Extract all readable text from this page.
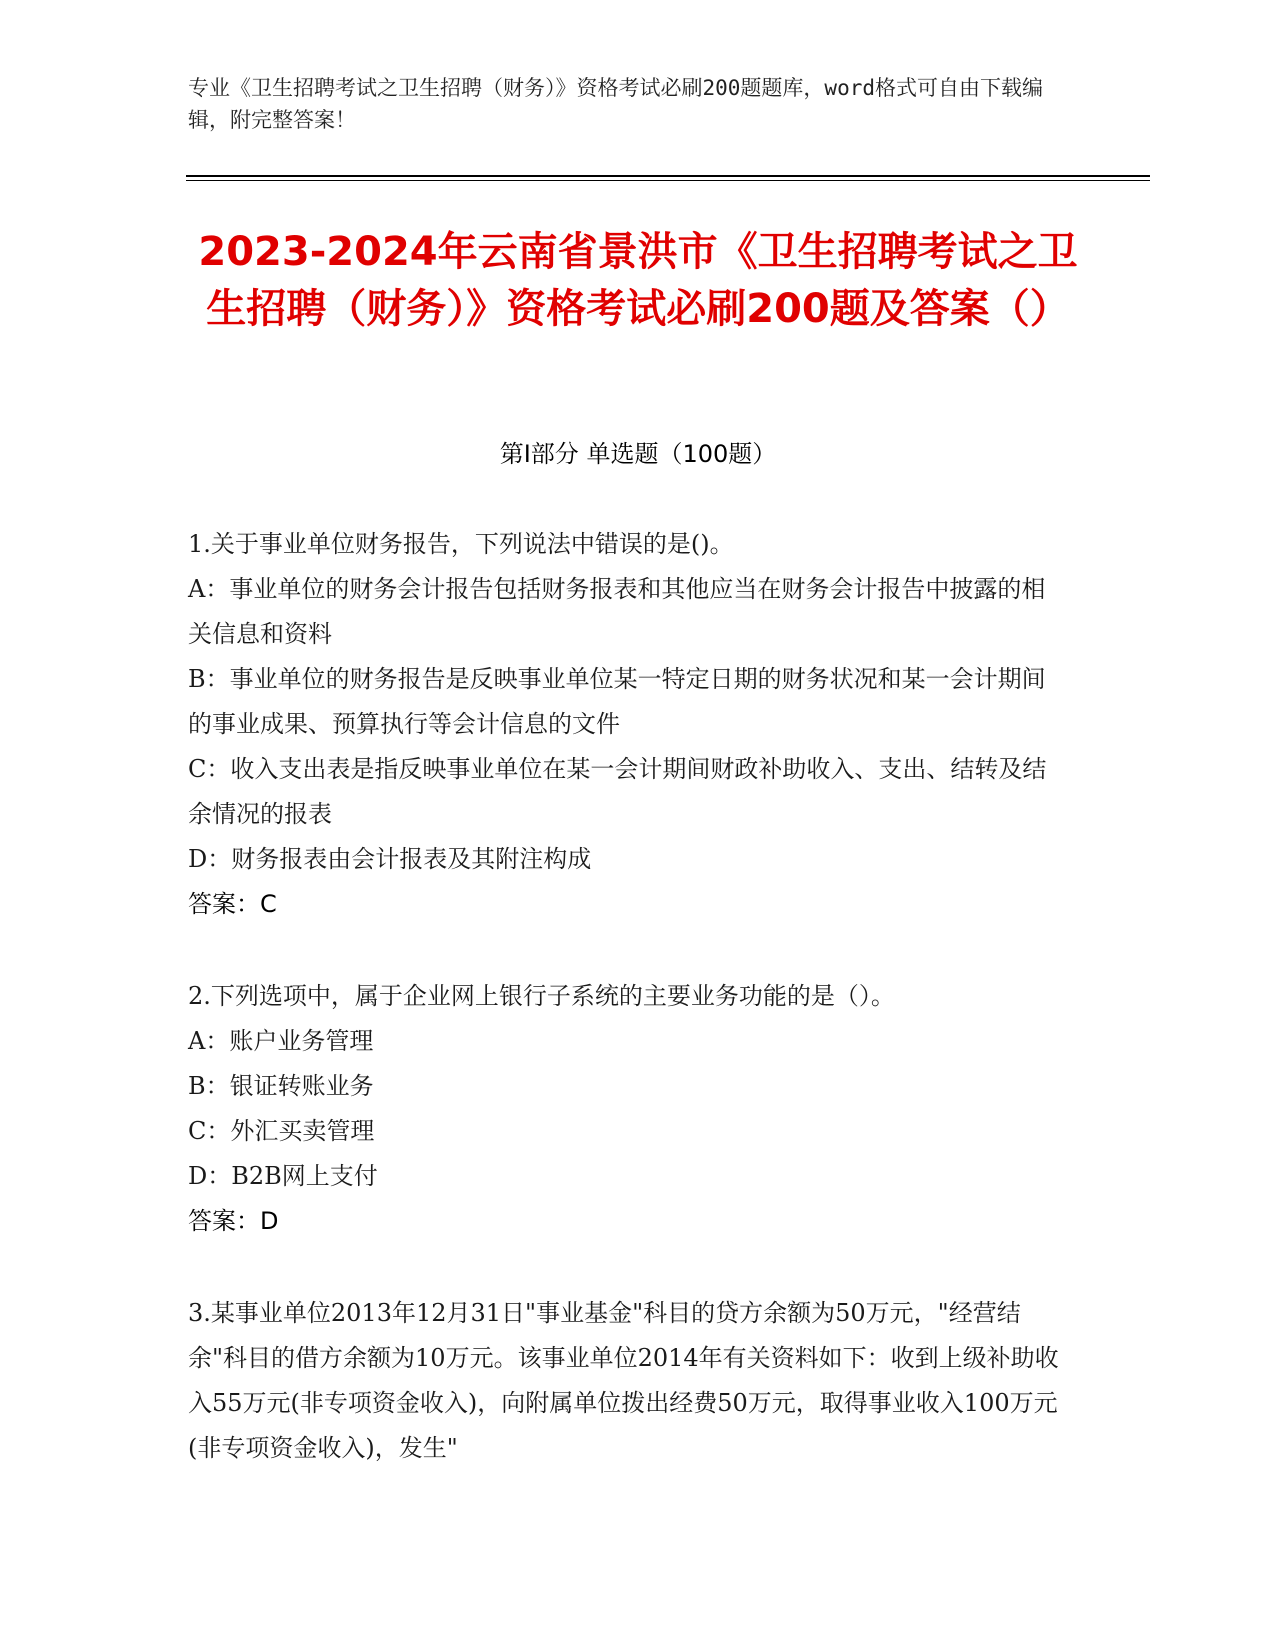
专业《卫生招聘考试之卫生招聘（财务）》资格考试必刷200题题库，word格式可自由下载编辑，附完整答案！
2023-2024年云南省景洪市《卫生招聘考试之卫生招聘（财务）》资格考试必刷200题及答案（）
第Ⅰ部分 单选题（100题）

1.关于事业单位财务报告，下列说法中错误的是()。

A：事业单位的财务会计报告包括财务报表和其他应当在财务会计报告中披露的相关信息和资料

B：事业单位的财务报告是反映事业单位某一特定日期的财务状况和某一会计期间的事业成果、预算执行等会计信息的文件

C：收入支出表是指反映事业单位在某一会计期间财政补助收入、支出、结转及结余情况的报表

D：财务报表由会计报表及其附注构成

答案：C

2.下列选项中，属于企业网上银行子系统的主要业务功能的是（）。

A：账户业务管理

B：银证转账业务

C：外汇买卖管理

D：B2B网上支付

答案：D

3.某事业单位2013年12月31日"事业基金"科目的贷方余额为50万元，"经营结余"科目的借方余额为10万元。该事业单位2014年有关资料如下：收到上级补助收入55万元(非专项资金收入)，向附属单位拨出经费50万元，取得事业收入100万元(非专项资金收入)，发生"
